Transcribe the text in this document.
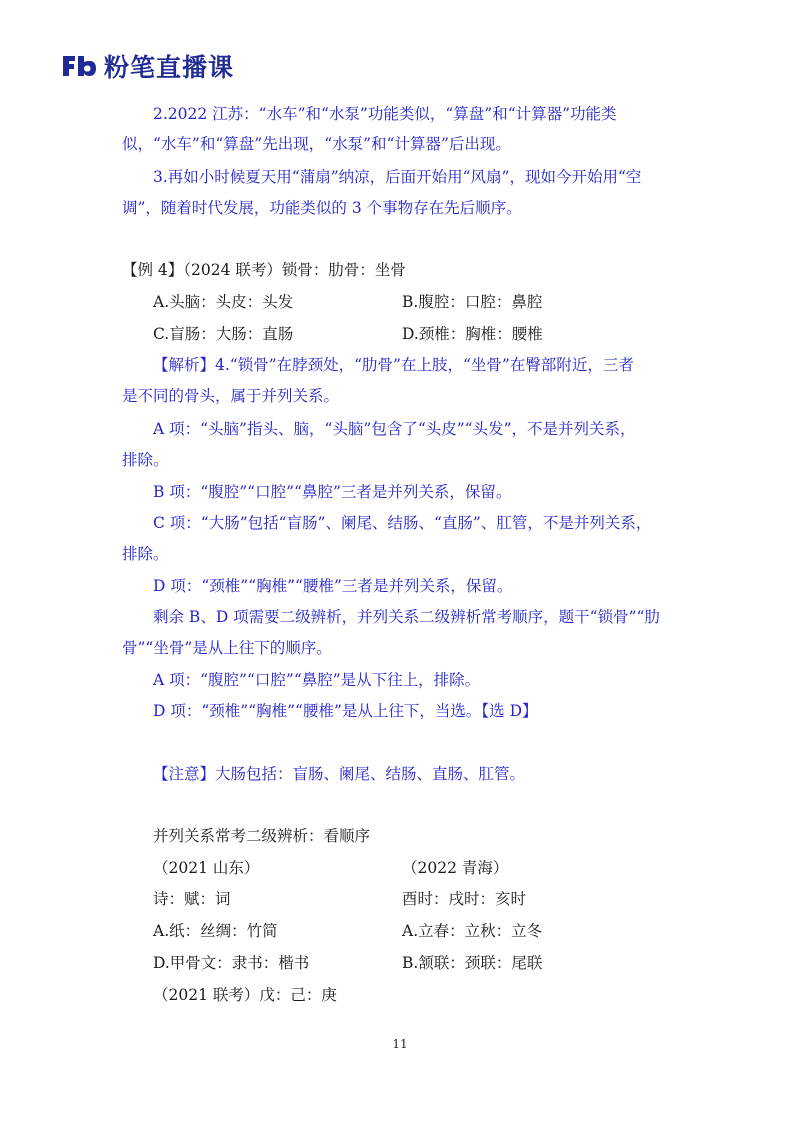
粉笔直播课
2.2022 江苏：“水车”和“水泵”功能类似，“算盘”和“计算器”功能类
似，“水车”和“算盘”先出现，“水泵”和“计算器”后出现。
3.再如小时候夏天用“蒲扇”纳凉，后面开始用“风扇”，现如今开始用“空
调”，随着时代发展，功能类似的 3 个事物存在先后顺序。
【例 4】（2024 联考）锁骨：肋骨：坐骨
A.头脑：头皮：头发	B.腹腔：口腔：鼻腔
C.盲肠：大肠：直肠	D.颈椎：胸椎：腰椎
【解析】4.“锁骨”在脖颈处，“肋骨”在上肢，“坐骨”在臀部附近，三者
是不同的骨头，属于并列关系。
A 项：“头脑”指头、脑，“头脑”包含了“头皮”“头发”，不是并列关系，
排除。
B 项：“腹腔”“口腔”“鼻腔”三者是并列关系，保留。
C 项：“大肠”包括“盲肠”、阑尾、结肠、“直肠”、肛管，不是并列关系，
排除。
D 项：“颈椎”“胸椎”“腰椎”三者是并列关系，保留。
剩余 B、D 项需要二级辨析，并列关系二级辨析常考顺序，题干“锁骨”“肋
骨”“坐骨”是从上往下的顺序。
A 项：“腹腔”“口腔”“鼻腔”是从下往上，排除。
D 项：“颈椎”“胸椎”“腰椎”是从上往下，当选。【选 D】
【注意】大肠包括：盲肠、阑尾、结肠、直肠、肛管。
并列关系常考二级辨析：看顺序
（2021 山东）	（2022 青海）
诗：赋：词	酉时：戌时：亥时
A.纸：丝绸：竹简	A.立春：立秋：立冬
D.甲骨文：隶书：楷书	B.颔联：颈联：尾联
（2021 联考）戊：己：庚
11
